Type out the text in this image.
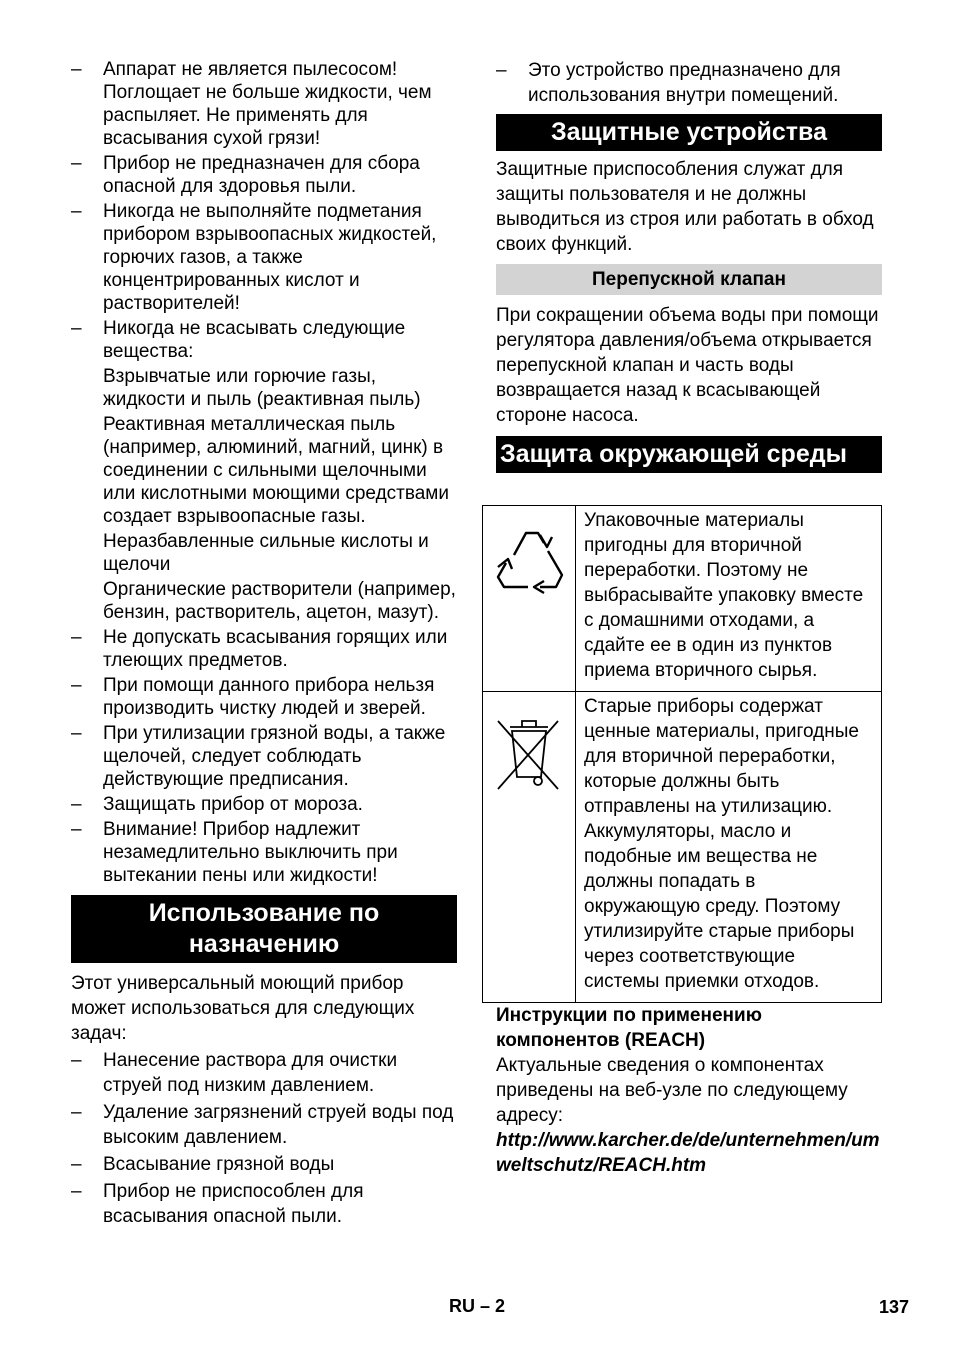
– Аппарат не является пылесосом! Поглощает не больше жидкости, чем распыляет. Не применять для всасывания сухой грязи!
– Прибор не предназначен для сбора опасной для здоровья пыли.
– Никогда не выполняйте подметания прибором взрывоопасных жидкостей, горючих газов, а также концентрированных кислот и растворителей!
– Никогда не всасывать следующие вещества:
Взрывчатые или горючие газы, жидкости и пыль (реактивная пыль)
Реактивная металлическая пыль (например, алюминий, магний, цинк) в соединении с сильными щелочными или кислотными моющими средствами создает взрывоопасные газы.
Неразбавленные сильные кислоты и щелочи
Органические растворители (например, бензин, растворитель, ацетон, мазут).
– Не допускать всасывания горящих или тлеющих предметов.
– При помощи данного прибора нельзя производить чистку людей и зверей.
– При утилизации грязной воды, а также щелочей, следует соблюдать действующие предписания.
– Защищать прибор от мороза.
– Внимание! Прибор надлежит незамедлительно выключить при вытекании пены или жидкости!
Использование по назначению

Этот универсальный моющий прибор может использоваться для следующих задач:

– Нанесение раствора для очистки струей под низким давлением.
– Удаление загрязнений струей воды под высоким давлением.
– Всасывание грязной воды
– Прибор не приспособлен для всасывания опасной пыли.
– Это устройство предназначено для использования внутри помещений.
Защитные устройства

Защитные приспособления служат для защиты пользователя и не должны выводиться из строя или работать в обход своих функций.

Перепускной клапан

При сокращении объема воды при помощи регулятора давления/объема открывается перепускной клапан и часть воды возвращается назад к всасывающей стороне насоса.

Защита окружающей среды
	Упаковочные материалы пригодны для вторичной переработки. Поэтому не выбрасывайте упаковку вместе с домашними отходами, а сдайте ее в один из пунктов приема вторичного сырья.
	Старые приборы содержат ценные материалы, пригодные для вторичной переработки, которые должны быть отправлены на утилизацию. Аккумуляторы, масло и подобные им вещества не должны попадать в окружающую среду. Поэтому утилизируйте старые приборы через соответствующие системы приемки отходов.

Инструкции по применению компонентов (REACH)

Актуальные сведения о компонентах приведены на веб-узле по следующему адресу:

http://www.karcher.de/de/unternehmen/umweltschutz/REACH.htm

RU – 2	137
